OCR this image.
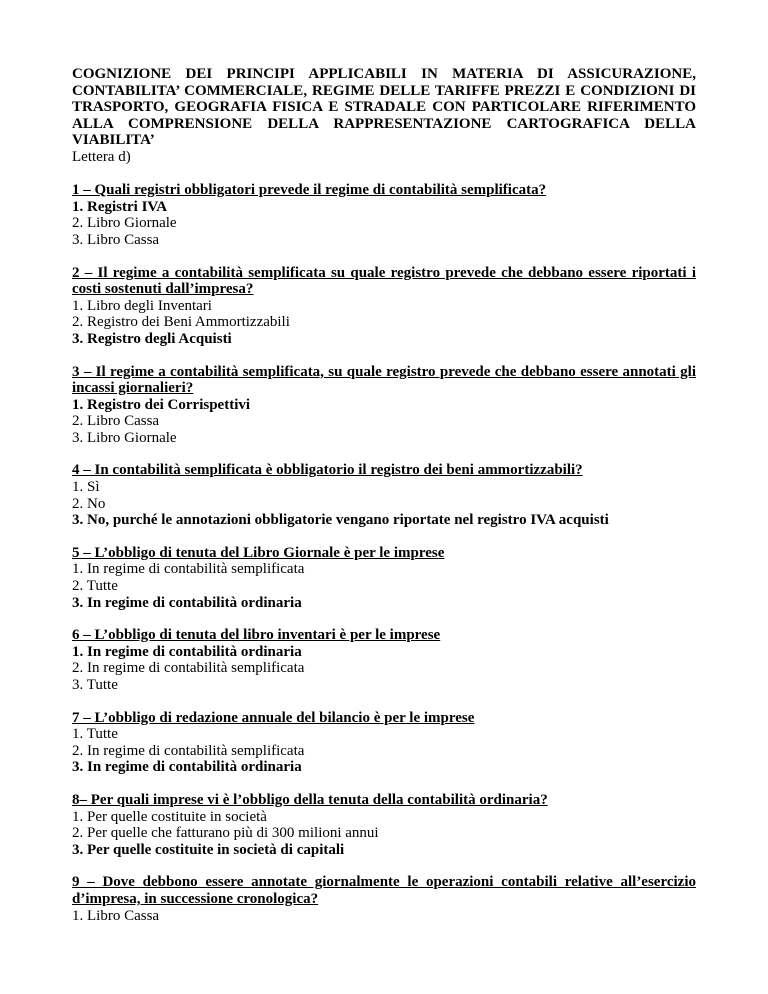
COGNIZIONE DEI PRINCIPI APPLICABILI IN MATERIA DI ASSICURAZIONE, CONTABILITA’ COMMERCIALE, REGIME DELLE TARIFFE PREZZI E CONDIZIONI DI TRASPORTO, GEOGRAFIA FISICA E STRADALE CON PARTICOLARE RIFERIMENTO ALLA COMPRENSIONE DELLA RAPPRESENTAZIONE CARTOGRAFICA DELLA VIABILITA’

Lettera d)

1 – Quali registri obbligatori prevede il regime di contabilità semplificata?
1. Registri IVA
2. Libro Giornale
3. Libro Cassa
2 – Il regime a contabilità semplificata su quale registro prevede che debbano essere riportati i costi sostenuti dall’impresa?
1. Libro degli Inventari
2. Registro dei Beni Ammortizzabili
3. Registro degli Acquisti
3 – Il regime a contabilità semplificata, su quale registro prevede che debbano essere annotati gli incassi giornalieri?
1. Registro dei Corrispettivi
2. Libro Cassa
3. Libro Giornale
4 – In contabilità semplificata è obbligatorio il registro dei beni ammortizzabili?
1. Sì
2. No
3. No, purché le annotazioni obbligatorie vengano riportate nel registro IVA acquisti
5 – L’obbligo di tenuta del Libro Giornale è per le imprese
1. In regime di contabilità semplificata
2. Tutte
3. In regime di contabilità ordinaria
6 – L’obbligo di tenuta del libro inventari è per le imprese
1. In regime di contabilità ordinaria
2. In regime di contabilità semplificata
3. Tutte
7 – L’obbligo di redazione annuale del bilancio è per le imprese
1. Tutte
2. In regime di contabilità semplificata
3. In regime di contabilità ordinaria
8– Per quali imprese vi è l’obbligo della tenuta della contabilità ordinaria?
1. Per quelle costituite in società
2. Per quelle che fatturano più di 300 milioni annui
3. Per quelle costituite in società di capitali
9 – Dove debbono essere annotate giornalmente le operazioni contabili relative all’esercizio d’impresa, in successione cronologica?
1. Libro Cassa
